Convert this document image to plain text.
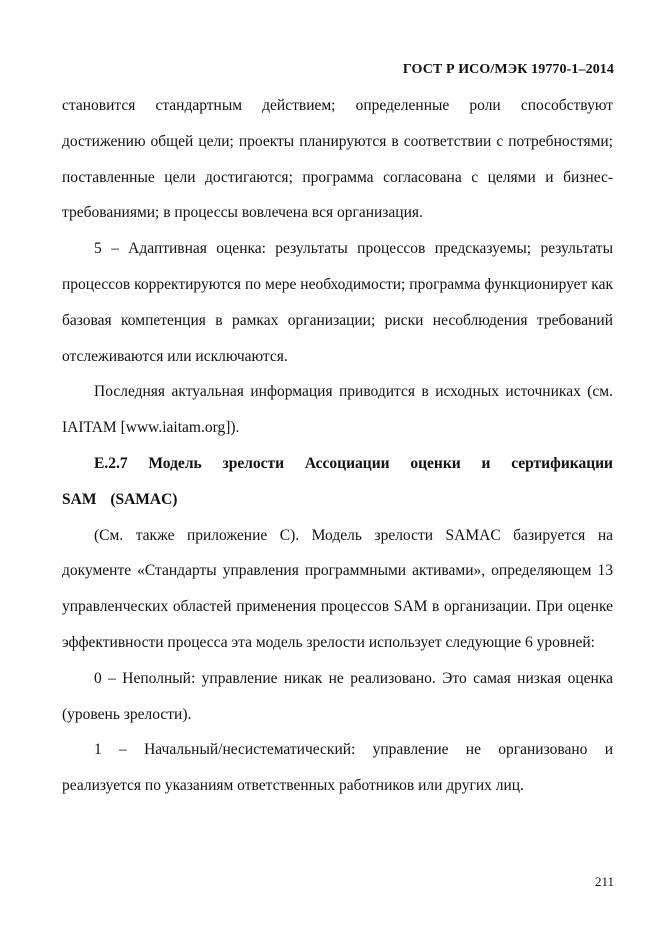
ГОСТ Р ИСО/МЭК 19770-1–2014

становится стандартным действием; определенные роли способствуют достижению общей цели; проекты планируются в соответствии с потребностями; поставленные цели достигаются; программа согласована с целями и бизнес-требованиями; в процессы вовлечена вся организация.

5 – Адаптивная оценка: результаты процессов предсказуемы; результаты процессов корректируются по мере необходимости; программа функционирует как базовая компетенция в рамках организации; риски несоблюдения требований отслеживаются или исключаются.

Последняя актуальная информация приводится в исходных источниках (см. IAITAM [www.iaitam.org]).

E.2.7 Модель зрелости Ассоциации оценки и сертификации SAM (SAMAC)

(См. также приложение С). Модель зрелости SAMAC базируется на документе «Стандарты управления программными активами», определяющем 13 управленческих областей применения процессов SAM в организации. При оценке эффективности процесса эта модель зрелости использует следующие 6 уровней:

0 – Неполный: управление никак не реализовано. Это самая низкая оценка (уровень зрелости).

1 – Начальный/несистематический: управление не организовано и реализуется по указаниям ответственных работников или других лиц.

211
